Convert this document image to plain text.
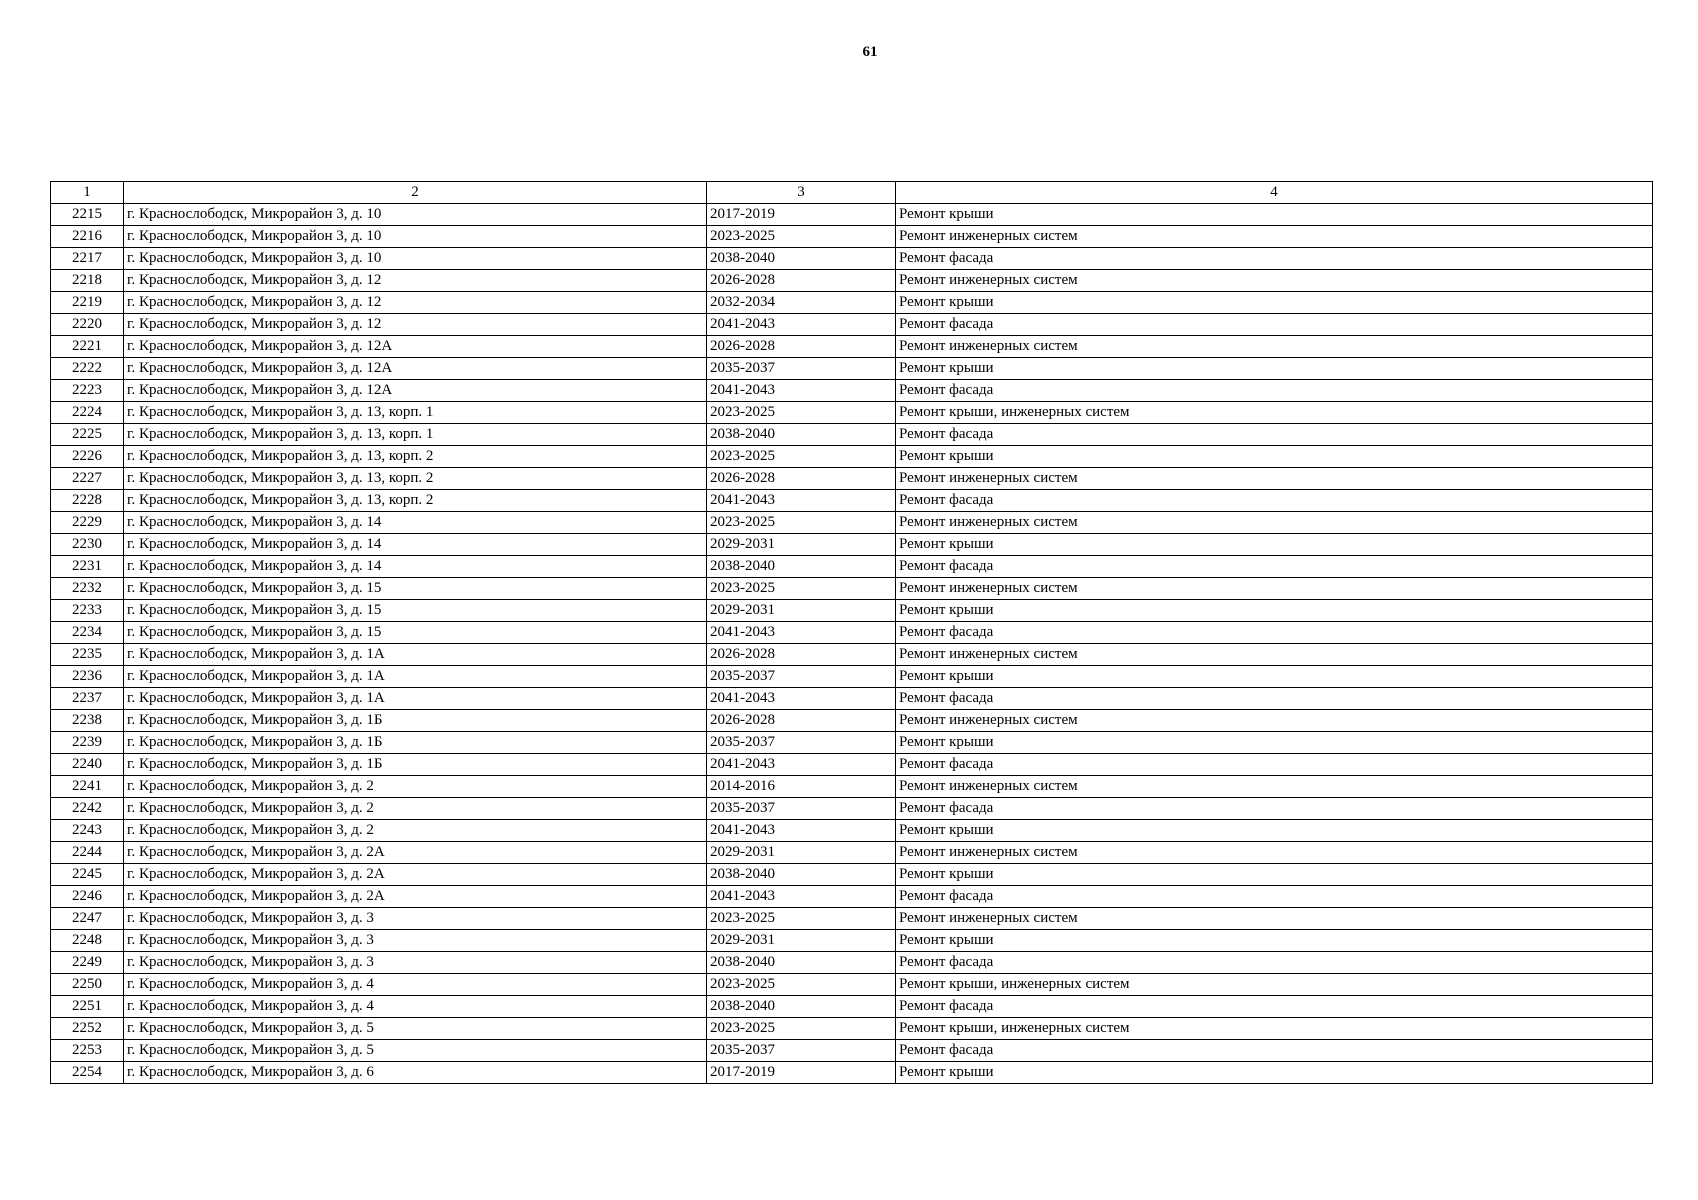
61
1	2	3	4
2215	г. Краснослободск, Микрорайон 3, д. 10	2017-2019	Ремонт крыши
2216	г. Краснослободск, Микрорайон 3, д. 10	2023-2025	Ремонт инженерных систем
2217	г. Краснослободск, Микрорайон 3, д. 10	2038-2040	Ремонт фасада
2218	г. Краснослободск, Микрорайон 3, д. 12	2026-2028	Ремонт инженерных систем
2219	г. Краснослободск, Микрорайон 3, д. 12	2032-2034	Ремонт крыши
2220	г. Краснослободск, Микрорайон 3, д. 12	2041-2043	Ремонт фасада
2221	г. Краснослободск, Микрорайон 3, д. 12А	2026-2028	Ремонт инженерных систем
2222	г. Краснослободск, Микрорайон 3, д. 12А	2035-2037	Ремонт крыши
2223	г. Краснослободск, Микрорайон 3, д. 12А	2041-2043	Ремонт фасада
2224	г. Краснослободск, Микрорайон 3, д. 13, корп. 1	2023-2025	Ремонт крыши, инженерных систем
2225	г. Краснослободск, Микрорайон 3, д. 13, корп. 1	2038-2040	Ремонт фасада
2226	г. Краснослободск, Микрорайон 3, д. 13, корп. 2	2023-2025	Ремонт крыши
2227	г. Краснослободск, Микрорайон 3, д. 13, корп. 2	2026-2028	Ремонт инженерных систем
2228	г. Краснослободск, Микрорайон 3, д. 13, корп. 2	2041-2043	Ремонт фасада
2229	г. Краснослободск, Микрорайон 3, д. 14	2023-2025	Ремонт инженерных систем
2230	г. Краснослободск, Микрорайон 3, д. 14	2029-2031	Ремонт крыши
2231	г. Краснослободск, Микрорайон 3, д. 14	2038-2040	Ремонт фасада
2232	г. Краснослободск, Микрорайон 3, д. 15	2023-2025	Ремонт инженерных систем
2233	г. Краснослободск, Микрорайон 3, д. 15	2029-2031	Ремонт крыши
2234	г. Краснослободск, Микрорайон 3, д. 15	2041-2043	Ремонт фасада
2235	г. Краснослободск, Микрорайон 3, д. 1А	2026-2028	Ремонт инженерных систем
2236	г. Краснослободск, Микрорайон 3, д. 1А	2035-2037	Ремонт крыши
2237	г. Краснослободск, Микрорайон 3, д. 1А	2041-2043	Ремонт фасада
2238	г. Краснослободск, Микрорайон 3, д. 1Б	2026-2028	Ремонт инженерных систем
2239	г. Краснослободск, Микрорайон 3, д. 1Б	2035-2037	Ремонт крыши
2240	г. Краснослободск, Микрорайон 3, д. 1Б	2041-2043	Ремонт фасада
2241	г. Краснослободск, Микрорайон 3, д. 2	2014-2016	Ремонт инженерных систем
2242	г. Краснослободск, Микрорайон 3, д. 2	2035-2037	Ремонт фасада
2243	г. Краснослободск, Микрорайон 3, д. 2	2041-2043	Ремонт крыши
2244	г. Краснослободск, Микрорайон 3, д. 2А	2029-2031	Ремонт инженерных систем
2245	г. Краснослободск, Микрорайон 3, д. 2А	2038-2040	Ремонт крыши
2246	г. Краснослободск, Микрорайон 3, д. 2А	2041-2043	Ремонт фасада
2247	г. Краснослободск, Микрорайон 3, д. 3	2023-2025	Ремонт инженерных систем
2248	г. Краснослободск, Микрорайон 3, д. 3	2029-2031	Ремонт крыши
2249	г. Краснослободск, Микрорайон 3, д. 3	2038-2040	Ремонт фасада
2250	г. Краснослободск, Микрорайон 3, д. 4	2023-2025	Ремонт крыши, инженерных систем
2251	г. Краснослободск, Микрорайон 3, д. 4	2038-2040	Ремонт фасада
2252	г. Краснослободск, Микрорайон 3, д. 5	2023-2025	Ремонт крыши, инженерных систем
2253	г. Краснослободск, Микрорайон 3, д. 5	2035-2037	Ремонт фасада
2254	г. Краснослободск, Микрорайон 3, д. 6	2017-2019	Ремонт крыши
